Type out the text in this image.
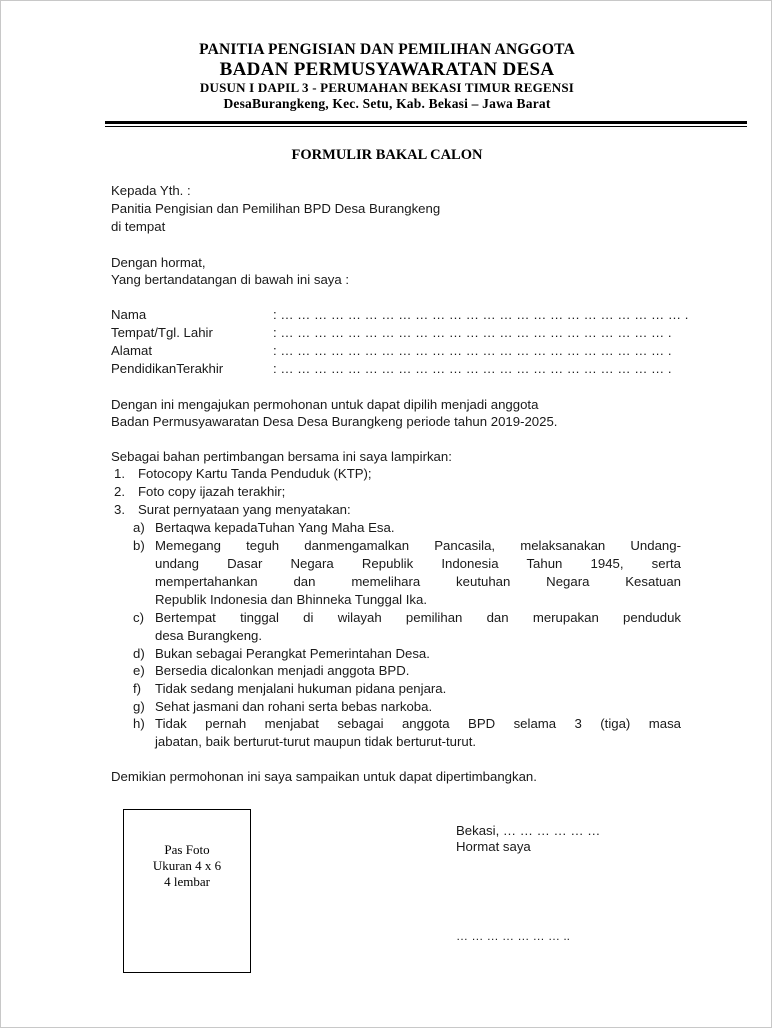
PANITIA PENGISIAN DAN PEMILIHAN ANGGOTA
BADAN PERMUSYAWARATAN DESA
DUSUN I DAPIL 3 - PERUMAHAN BEKASI TIMUR REGENSI
DesaBurangkeng, Kec. Setu, Kab. Bekasi – Jawa Barat
FORMULIR BAKAL CALON
Kepada Yth. :
Panitia Pengisian dan Pemilihan BPD Desa Burangkeng
di tempat
Dengan hormat,
Yang bertandatangan di bawah ini saya :
Nama	: … … … … … … … … … … … … … … … … … … … … … … … … .
Tempat/Tgl. Lahir	: … … … … … … … … … … … … … … … … … … … … … … … .
Alamat	: … … … … … … … … … … … … … … … … … … … … … … … .
PendidikanTerakhir	: … … … … … … … … … … … … … … … … … … … … … … … .
Dengan ini mengajukan permohonan untuk dapat dipilih menjadi anggota
Badan Permusyawaratan Desa Desa Burangkeng periode tahun 2019-2025.
Sebagai bahan pertimbangan bersama ini saya lampirkan:
1. Fotocopy Kartu Tanda Penduduk (KTP);
2. Foto copy ijazah terakhir;
3. Surat pernyataan yang menyatakan:
a) Bertaqwa kepadaTuhan Yang Maha Esa.
b) Memegang teguh danmengamalkan Pancasila, melaksanakan Undang-
undang Dasar Negara Republik Indonesia Tahun 1945, serta
mempertahankan dan memelihara keutuhan Negara Kesatuan
Republik Indonesia dan Bhinneka Tunggal Ika.
c) Bertempat tinggal di wilayah pemilihan dan merupakan penduduk
desa Burangkeng.
d) Bukan sebagai Perangkat Pemerintahan Desa.
e) Bersedia dicalonkan menjadi anggota BPD.
f) Tidak sedang menjalani hukuman pidana penjara.
g) Sehat jasmani dan rohani serta bebas narkoba.
h) Tidak pernah menjabat sebagai anggota BPD selama 3 (tiga) masa
jabatan, baik berturut-turut maupun tidak berturut-turut.
Demikian permohonan ini saya sampaikan untuk dapat dipertimbangkan.
Pas Foto
Ukuran 4 x 6
4 lembar
Bekasi, … … … … … …
Hormat saya
… … … … … … … ..
